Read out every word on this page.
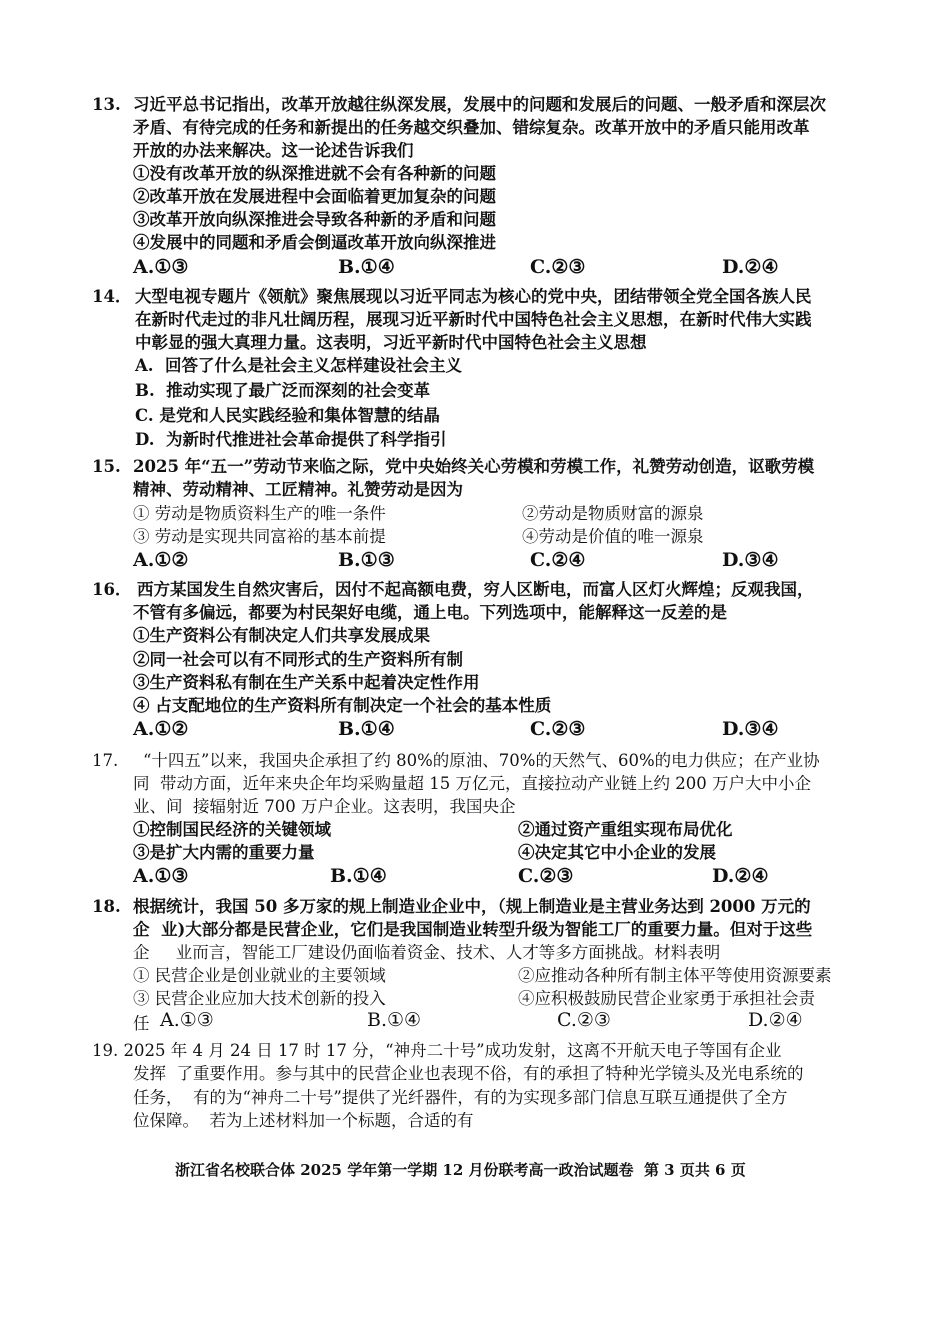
13. 习近平总书记指出，改革开放越往纵深发展，发展中的问题和发展后的问题、一般矛盾和深层次
矛盾、有待完成的任务和新提出的任务越交织叠加、错综复杂。改革开放中的矛盾只能用改革
开放的办法来解决。这一论述告诉我们
①没有改革开放的纵深推进就不会有各种新的问题
②改革开放在发展进程中会面临着更加复杂的问题
③改革开放向纵深推进会导致各种新的矛盾和问题
④发展中的同题和矛盾会倒逼改革开放向纵深推进
A.①③	B.①④	C.②③	D.②④
14． 大型电视专题片《领航》聚焦展现以习近平同志为核心的党中央，团结带领全党全国各族人民
在新时代走过的非凡壮阔历程，展现习近平新时代中国特色社会主义思想，在新时代伟大实践
中彰显的强大真理力量。这表明，习近平新时代中国特色社会主义思想
A.  回答了什么是社会主义怎样建设社会主义
B.  推动实现了最广泛而深刻的社会变革
C. 是党和人民实践经验和集体智慧的结晶
D.  为新时代推进社会革命提供了科学指引
15. 2025 年“五一”劳动节来临之际，党中央始终关心劳模和劳模工作，礼赞劳动创造，讴歌劳模
精神、劳动精神、工匠精神。礼赞劳动是因为
① 劳动是物质资料生产的唯一条件	②劳动是物质财富的源泉
③ 劳动是实现共同富裕的基本前提	④劳动是价值的唯一源泉
A.①②	B.①③	C.②④	D.③④
16． 西方某国发生自然灾害后，因付不起高额电费，穷人区断电，而富人区灯火辉煌；反观我国，
不管有多偏远，都要为村民架好电缆，通上电。下列选项中，能解释这一反差的是
①生产资料公有制决定人们共享发展成果
②同一社会可以有不同形式的生产资料所有制
③生产资料私有制在生产关系中起着决定性作用
④ 占支配地位的生产资料所有制决定一个社会的基本性质
A.①②	B.①④	C.②③	D.③④
17. “十四五”以来，我国央企承担了约 80%的原油、70%的天然气、60%的电力供应；在产业协
同  带动方面，近年来央企年均采购量超 15 万亿元，直接拉动产业链上约 200 万户大中小企
业、间  接辐射近 700 万户企业。这表明，我国央企
①控制国民经济的关键领域	②通过资产重组实现布局优化
③是扩大内需的重要力量	④决定其它中小企业的发展
A.①③	B.①④	C.②③	D.②④
18. 根据统计，我国 50 多万家的规上制造业企业中，（规上制造业是主营业务达到 2000 万元的
企  业)大部分都是民营企业，它们是我国制造业转型升级为智能工厂的重要力量。但对于这些
企     业而言，智能工厂建设仍面临着资金、技术、人才等多方面挑战。材料表明
① 民营企业是创业就业的主要领域	②应推动各种所有制主体平等使用资源要素
③ 民营企业应加大技术创新的投入	④应积极鼓励民营企业家勇于承担社会责
任 A.①③	B.①④	C.②③	D.②④
19. 2025 年 4 月 24 日 17 时 17 分，“神舟二十号”成功发射，这离不开航天电子等国有企业
发挥  了重要作用。参与其中的民营企业也表现不俗，有的承担了特种光学镜头及光电系统的
任务，  有的为“神舟二十号”提供了光纤器件，有的为实现多部门信息互联互通提供了全方
位保障。  若为上述材料加一个标题，合适的有
浙江省名校联合体 2025 学年第一学期 12 月份联考高一政治试题卷  第 3 页共 6 页
